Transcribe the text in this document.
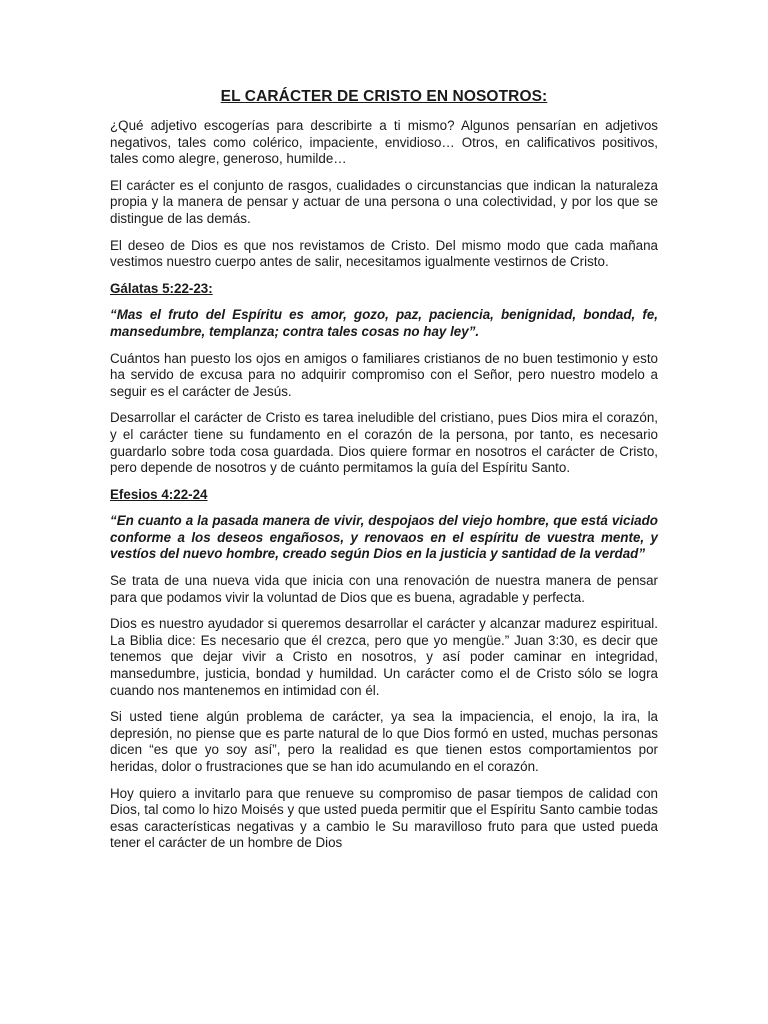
EL CARÁCTER DE CRISTO EN NOSOTROS:

¿Qué adjetivo escogerías para describirte a ti mismo? Algunos pensarían en adjetivos negativos, tales como colérico, impaciente, envidioso… Otros, en calificativos positivos, tales como alegre, generoso, humilde…

El carácter es el conjunto de rasgos, cualidades o circunstancias que indican la naturaleza propia y la manera de pensar y actuar de una persona o una colectividad, y por los que se distingue de las demás.

El deseo de Dios es que nos revistamos de Cristo. Del mismo modo que cada mañana vestimos nuestro cuerpo antes de salir, necesitamos igualmente vestirnos de Cristo.

Gálatas 5:22-23:

“Mas el fruto del Espíritu es amor, gozo, paz, paciencia, benignidad, bondad, fe, mansedumbre, templanza; contra tales cosas no hay ley”.

Cuántos han puesto los ojos en amigos o familiares cristianos de no buen testimonio y esto ha servido de excusa para no adquirir compromiso con el Señor, pero nuestro modelo a seguir es el carácter de Jesús.

Desarrollar el carácter de Cristo es tarea ineludible del cristiano, pues Dios mira el corazón, y el carácter tiene su fundamento en el corazón de la persona, por tanto, es necesario guardarlo sobre toda cosa guardada. Dios quiere formar en nosotros el carácter de Cristo, pero depende de nosotros y de cuánto permitamos la guía del Espíritu Santo.

Efesios 4:22-24

“En cuanto a la pasada manera de vivir, despojaos del viejo hombre, que está viciado conforme a los deseos engañosos, y renovaos en el espíritu de vuestra mente, y vestíos del nuevo hombre, creado según Dios en la justicia y santidad de la verdad”

Se trata de una nueva vida que inicia con una renovación de nuestra manera de pensar para que podamos vivir la voluntad de Dios que es buena, agradable y perfecta.

Dios es nuestro ayudador si queremos desarrollar el carácter y alcanzar madurez espiritual. La Biblia dice: Es necesario que él crezca, pero que yo mengüe.” Juan 3:30, es decir que tenemos que dejar vivir a Cristo en nosotros, y así poder caminar en integridad, mansedumbre, justicia, bondad y humildad. Un carácter como el de Cristo sólo se logra cuando nos mantenemos en intimidad con él.

Si usted tiene algún problema de carácter, ya sea la impaciencia, el enojo, la ira, la depresión, no piense que es parte natural de lo que Dios formó en usted, muchas personas dicen “es que yo soy así”, pero la realidad es que tienen estos comportamientos por heridas, dolor o frustraciones que se han ido acumulando en el corazón.

Hoy quiero a invitarlo para que renueve su compromiso de pasar tiempos de calidad con Dios, tal como lo hizo Moisés y que usted pueda permitir que el Espíritu Santo cambie todas esas características negativas y a cambio le Su maravilloso fruto para que usted pueda tener el carácter de un hombre de Dios
